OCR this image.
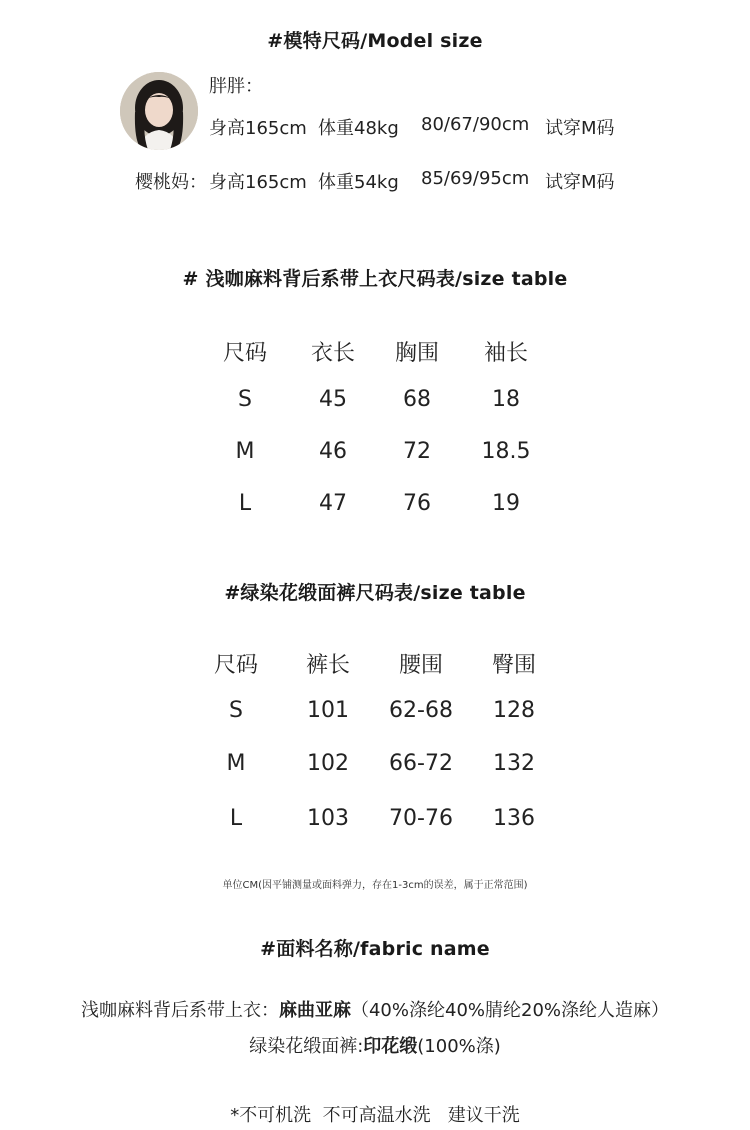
#模特尺码/Model size
胖胖：
身高165cm 体重48kg 80/67/90cm 试穿M码
樱桃妈： 身高165cm 体重54kg 85/69/95cm 试穿M码
# 浅咖麻料背后系带上衣尺码表/size table
尺码	衣长	胸围	袖长
S	45	68	18
M	46	72	18.5
L	47	76	19
#绿染花缎面裤尺码表/size table
尺码	裤长	腰围	臀围
S	101	62-68	128
M	102	66-72	132
L	103	70-76	136
单位CM(因平铺测量或面料弹力，存在1-3cm的误差，属于正常范围)
#面料名称/fabric name
浅咖麻料背后系带上衣：麻曲亚麻（40%涤纶40%腈纶20%涤纶人造麻）
绿染花缎面裤:印花缎(100%涤)
*不可机洗  不可高温水洗   建议干洗
